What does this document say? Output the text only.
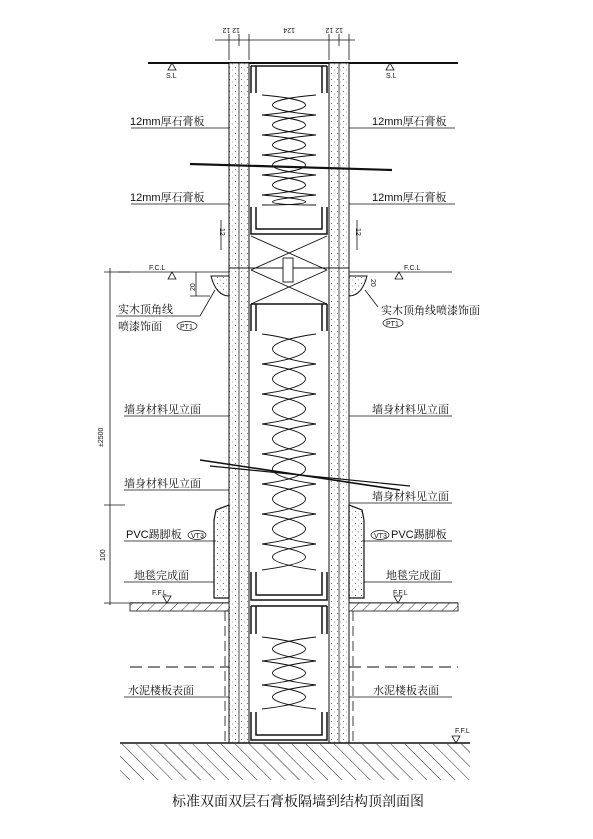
12 12	124	12 12
12	12
±2500
100
20
20
S.L	S.L
F.C.L	F.C.L
F.F.L	F.F.L
F.F.L
12mm厚石膏板	12mm厚石膏板
12mm厚石膏板	12mm厚石膏板
实木顶角线
喷漆饰面	PT1
实木顶角线喷漆饰面
PT1
墙身材料见立面	墙身材料见立面
墙身材料见立面
墙身材料见立面
PVC踢脚板 VT3	VT3 PVC踢脚板
地毯完成面	地毯完成面
水泥楼板表面	水泥楼板表面
标准双面双层石膏板隔墙到结构顶剖面图
